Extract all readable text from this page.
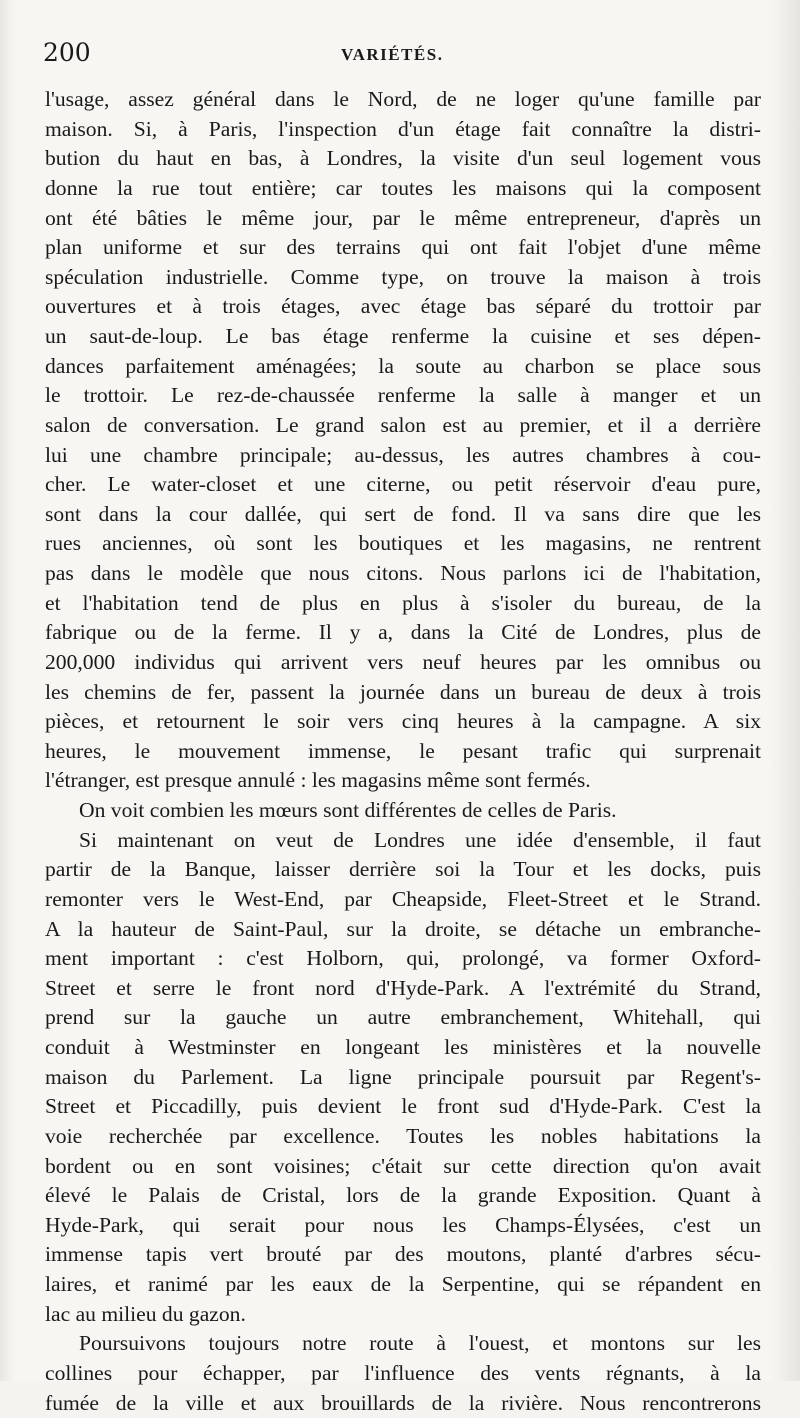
200	VARIÉTÉS.
l'usage, assez général dans le Nord, de ne loger qu'une famille par
maison. Si, à Paris, l'inspection d'un étage fait connaître la distri-
bution du haut en bas, à Londres, la visite d'un seul logement vous
donne la rue tout entière; car toutes les maisons qui la composent
ont été bâties le même jour, par le même entrepreneur, d'après un
plan uniforme et sur des terrains qui ont fait l'objet d'une même
spéculation industrielle. Comme type, on trouve la maison à trois
ouvertures et à trois étages, avec étage bas séparé du trottoir par
un saut-de-loup. Le bas étage renferme la cuisine et ses dépen-
dances parfaitement aménagées; la soute au charbon se place sous
le trottoir. Le rez-de-chaussée renferme la salle à manger et un
salon de conversation. Le grand salon est au premier, et il a derrière
lui une chambre principale; au-dessus, les autres chambres à cou-
cher. Le water-closet et une citerne, ou petit réservoir d'eau pure,
sont dans la cour dallée, qui sert de fond. Il va sans dire que les
rues anciennes, où sont les boutiques et les magasins, ne rentrent
pas dans le modèle que nous citons. Nous parlons ici de l'habitation,
et l'habitation tend de plus en plus à s'isoler du bureau, de la
fabrique ou de la ferme. Il y a, dans la Cité de Londres, plus de
200,000 individus qui arrivent vers neuf heures par les omnibus ou
les chemins de fer, passent la journée dans un bureau de deux à trois
pièces, et retournent le soir vers cinq heures à la campagne. A six
heures, le mouvement immense, le pesant trafic qui surprenait
l'étranger, est presque annulé : les magasins même sont fermés.
On voit combien les mœurs sont différentes de celles de Paris.
Si maintenant on veut de Londres une idée d'ensemble, il faut
partir de la Banque, laisser derrière soi la Tour et les docks, puis
remonter vers le West-End, par Cheapside, Fleet-Street et le Strand.
A la hauteur de Saint-Paul, sur la droite, se détache un embranche-
ment important : c'est Holborn, qui, prolongé, va former Oxford-
Street et serre le front nord d'Hyde-Park. A l'extrémité du Strand,
prend sur la gauche un autre embranchement, Whitehall, qui
conduit à Westminster en longeant les ministères et la nouvelle
maison du Parlement. La ligne principale poursuit par Regent's-
Street et Piccadilly, puis devient le front sud d'Hyde-Park. C'est la
voie recherchée par excellence. Toutes les nobles habitations la
bordent ou en sont voisines; c'était sur cette direction qu'on avait
élevé le Palais de Cristal, lors de la grande Exposition. Quant à
Hyde-Park, qui serait pour nous les Champs-Élysées, c'est un
immense tapis vert brouté par des moutons, planté d'arbres sécu-
laires, et ranimé par les eaux de la Serpentine, qui se répandent en
lac au milieu du gazon.
Poursuivons toujours notre route à l'ouest, et montons sur les
collines pour échapper, par l'influence des vents régnants, à la
fumée de la ville et aux brouillards de la rivière. Nous rencontrerons
